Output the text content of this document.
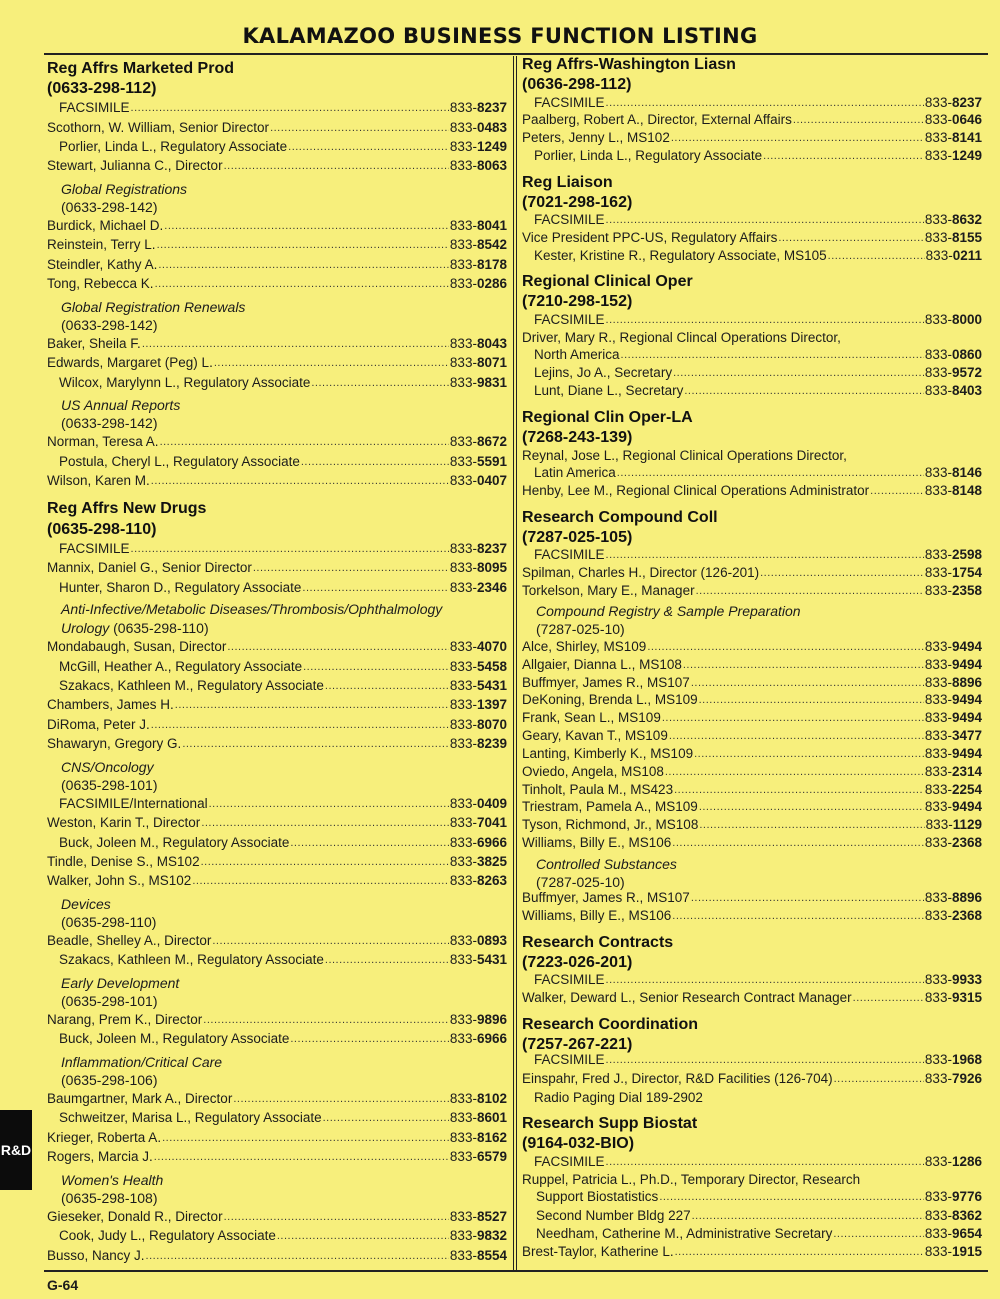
KALAMAZOO BUSINESS FUNCTION LISTING
Reg Affrs Marketed Prod
(0633-298-112)
FACSIMILE .....	833-8237
Scothorn, W. William, Senior Director .....	833-0483
Porlier, Linda L., Regulatory Associate .....	833-1249
Stewart, Julianna C., Director .....	833-8063
Global Registrations
(0633-298-142)
Burdick, Michael D. .....	833-8041
Reinstein, Terry L. .....	833-8542
Steindler, Kathy A. .....	833-8178
Tong, Rebecca K. .....	833-0286
Global Registration Renewals
(0633-298-142)
Baker, Sheila F. .....	833-8043
Edwards, Margaret (Peg) L. .....	833-8071
Wilcox, Marylynn L., Regulatory Associate .....	833-9831
US Annual Reports
(0633-298-142)
Norman, Teresa A. .....	833-8672
Postula, Cheryl L., Regulatory Associate .....	833-5591
Wilson, Karen M. .....	833-0407
Reg Affrs New Drugs
(0635-298-110)
FACSIMILE .....	833-8237
Mannix, Daniel G., Senior Director .....	833-8095
Hunter, Sharon D., Regulatory Associate .....	833-2346
Anti-Infective/Metabolic Diseases/Thrombosis/Ophthalmology
Urology (0635-298-110)
Mondabaugh, Susan, Director .....	833-4070
McGill, Heather A., Regulatory Associate .....	833-5458
Szakacs, Kathleen M., Regulatory Associate .....	833-5431
Chambers, James H. .....	833-1397
DiRoma, Peter J. .....	833-8070
Shawaryn, Gregory G. .....	833-8239
CNS/Oncology
(0635-298-101)
FACSIMILE/International .....	833-0409
Weston, Karin T., Director .....	833-7041
Buck, Joleen M., Regulatory Associate .....	833-6966
Tindle, Denise S., MS102 .....	833-3825
Walker, John S., MS102 .....	833-8263
Devices
(0635-298-110)
Beadle, Shelley A., Director .....	833-0893
Szakacs, Kathleen M., Regulatory Associate .....	833-5431
Early Development
(0635-298-101)
Narang, Prem K., Director .....	833-9896
Buck, Joleen M., Regulatory Associate .....	833-6966
Inflammation/Critical Care
(0635-298-106)
Baumgartner, Mark A., Director .....	833-8102
Schweitzer, Marisa L., Regulatory Associate .....	833-8601
Krieger, Roberta A. .....	833-8162
Rogers, Marcia J. .....	833-6579
Women's Health
(0635-298-108)
Gieseker, Donald R., Director .....	833-8527
Cook, Judy L., Regulatory Associate .....	833-9832
Busso, Nancy J. .....	833-8554
Reg Affrs-Washington Liasn
(0636-298-112)
FACSIMILE .....	833-8237
Paalberg, Robert A., Director, External Affairs .....	833-0646
Peters, Jenny L., MS102 .....	833-8141
Porlier, Linda L., Regulatory Associate .....	833-1249
Reg Liaison
(7021-298-162)
FACSIMILE .....	833-8632
Vice President PPC-US, Regulatory Affairs .....	833-8155
Kester, Kristine R., Regulatory Associate, MS105 .....	833-0211
Regional Clinical Oper
(7210-298-152)
FACSIMILE .....	833-8000
Driver, Mary R., Regional Clincal Operations Director,
North America .....	833-0860
Lejins, Jo A., Secretary .....	833-9572
Lunt, Diane L., Secretary .....	833-8403
Regional Clin Oper-LA
(7268-243-139)
Reynal, Jose L., Regional Clinical Operations Director,
Latin America .....	833-8146
Henby, Lee M., Regional Clinical Operations Administrator .....	833-8148
Research Compound Coll
(7287-025-105)
FACSIMILE .....	833-2598
Spilman, Charles H., Director (126-201) .....	833-1754
Torkelson, Mary E., Manager .....	833-2358
Compound Registry & Sample Preparation
(7287-025-10)
Alce, Shirley, MS109 .....	833-9494
Allgaier, Dianna L., MS108 .....	833-9494
Buffmyer, James R., MS107 .....	833-8896
DeKoning, Brenda L., MS109 .....	833-9494
Frank, Sean L., MS109 .....	833-9494
Geary, Kavan T., MS109 .....	833-3477
Lanting, Kimberly K., MS109 .....	833-9494
Oviedo, Angela, MS108 .....	833-2314
Tinholt, Paula M., MS423 .....	833-2254
Triestram, Pamela A., MS109 .....	833-9494
Tyson, Richmond, Jr., MS108 .....	833-1129
Williams, Billy E., MS106 .....	833-2368
Controlled Substances
(7287-025-10)
Buffmyer, James R., MS107 .....	833-8896
Williams, Billy E., MS106 .....	833-2368
Research Contracts
(7223-026-201)
FACSIMILE .....	833-9933
Walker, Deward L., Senior Research Contract Manager .....	833-9315
Research Coordination
(7257-267-221)
FACSIMILE .....	833-1968
Einspahr, Fred J., Director, R&D Facilities (126-704) .....	833-7926
Radio Paging Dial 189-2902
Research Supp Biostat
(9164-032-BIO)
FACSIMILE .....	833-1286
Ruppel, Patricia L., Ph.D., Temporary Director, Research
Support Biostatistics .....	833-9776
Second Number Bldg 227 .....	833-8362
Needham, Catherine M., Administrative Secretary .....	833-9654
Brest-Taylor, Katherine L. .....	833-1915
R&D
G-64
